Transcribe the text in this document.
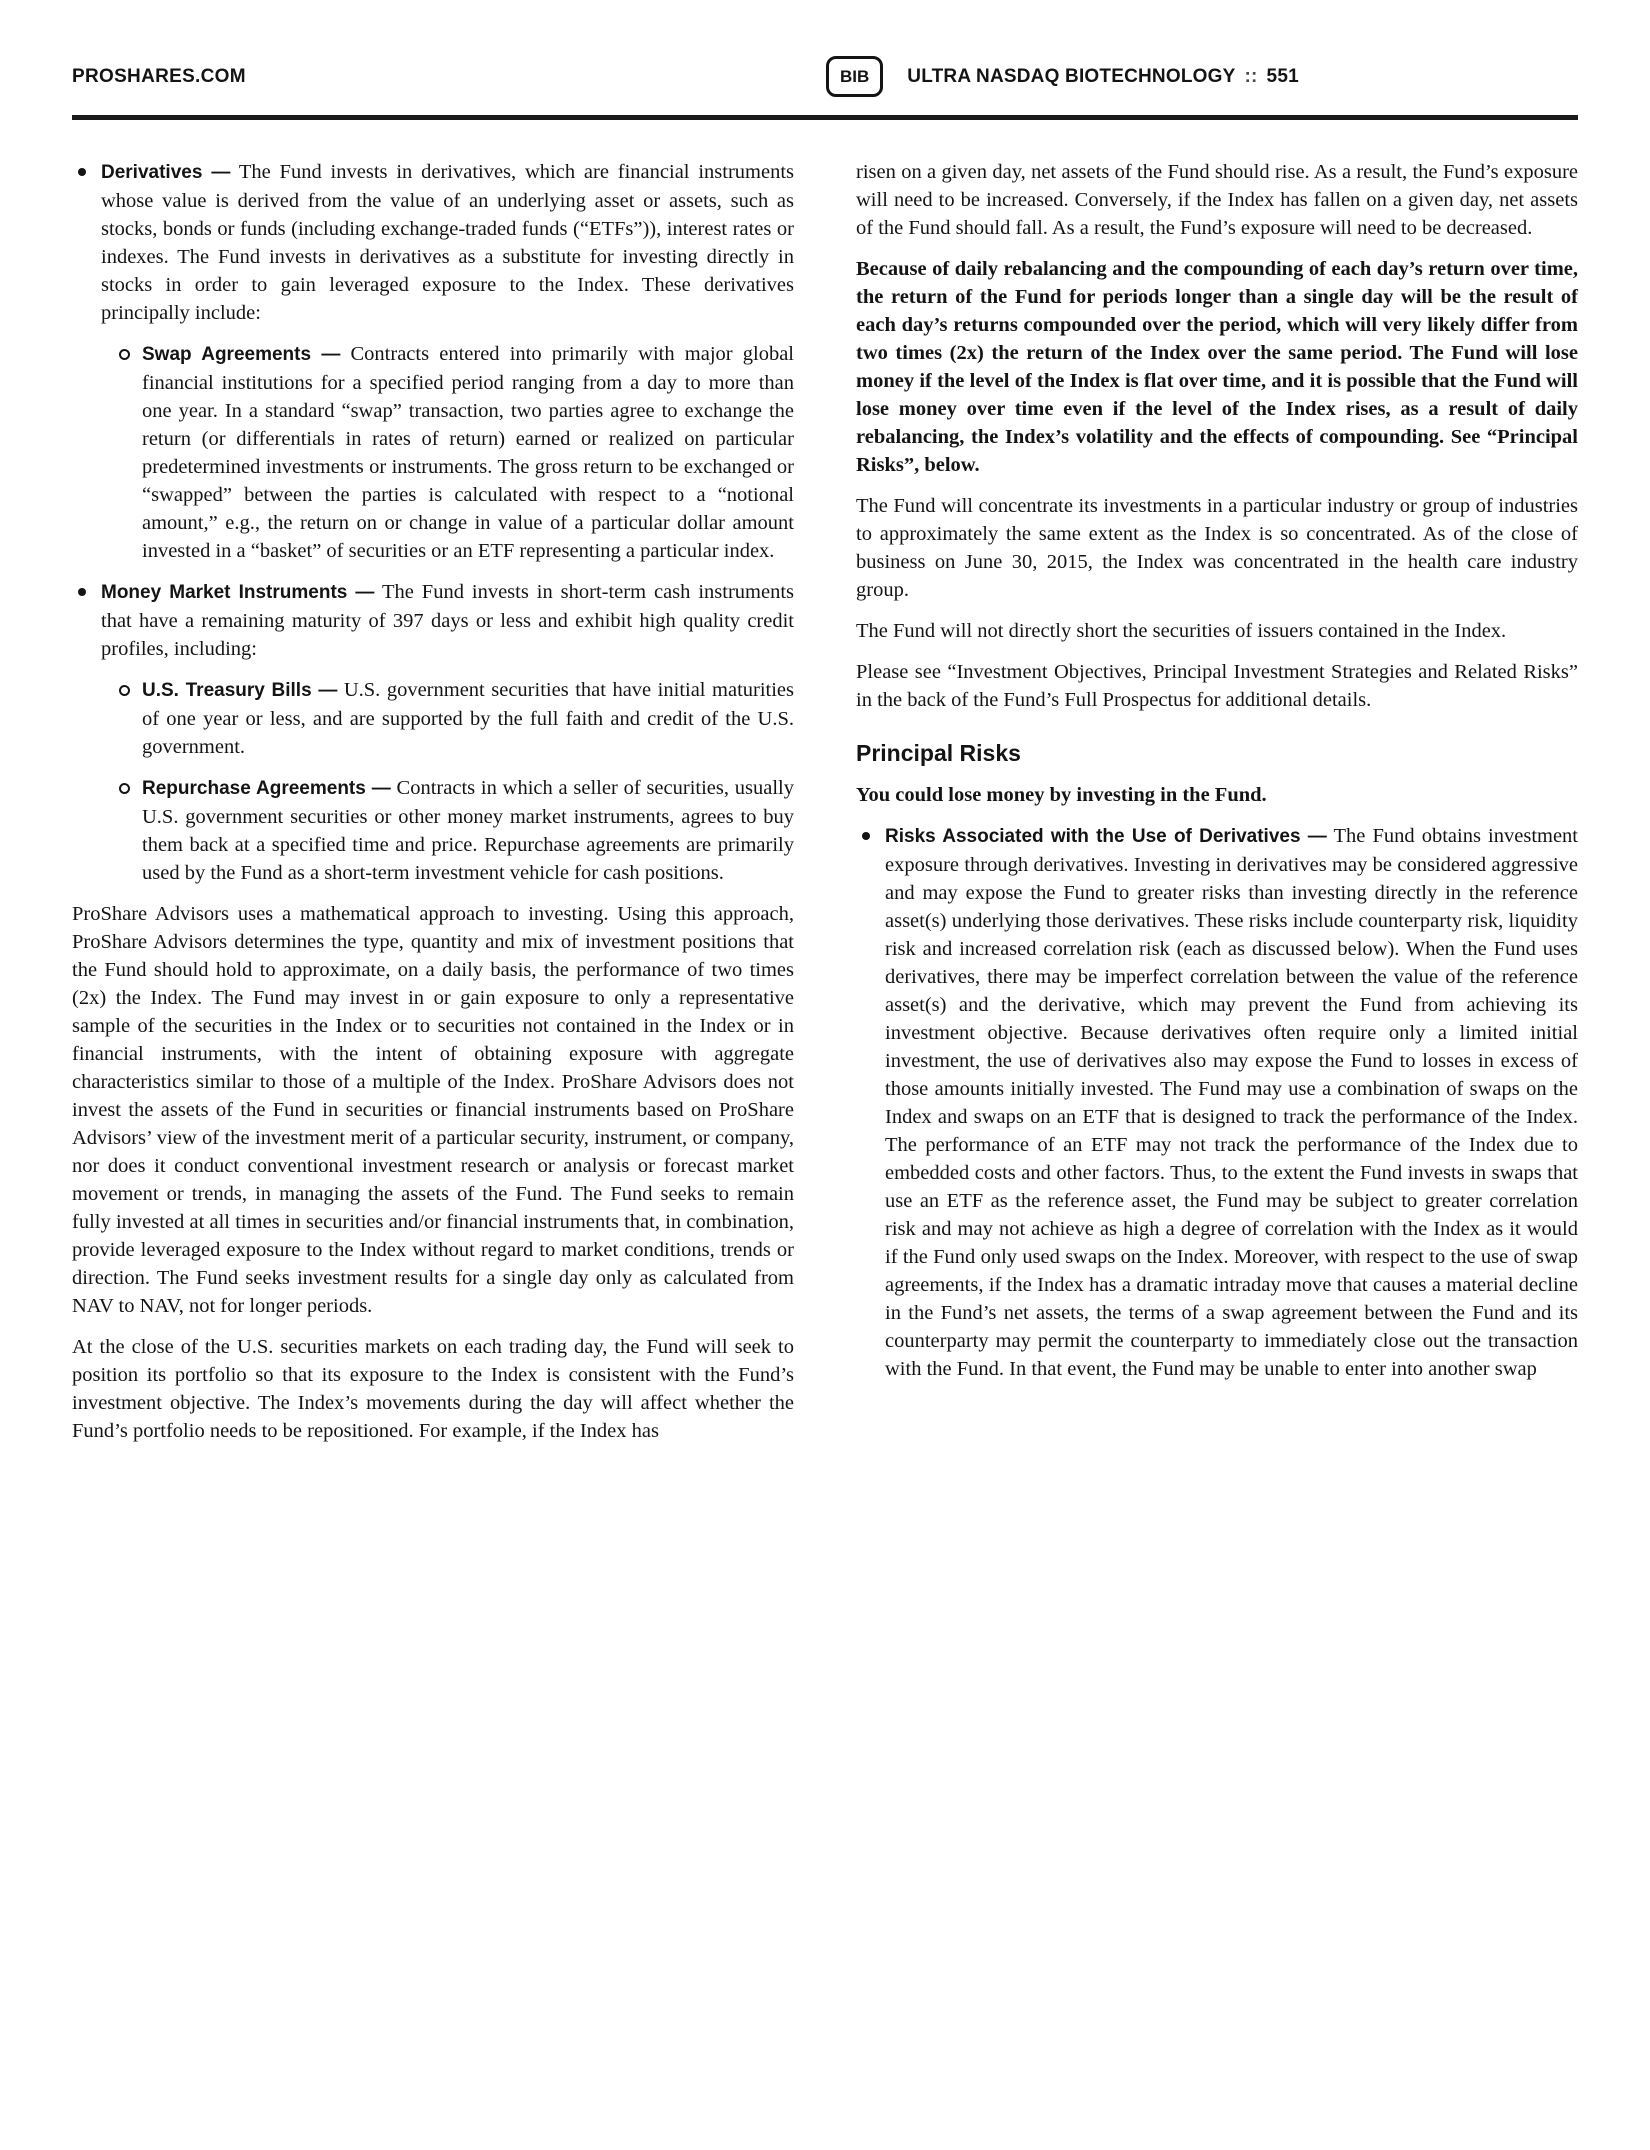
PROSHARES.COM	BIB	ULTRA NASDAQ BIOTECHNOLOGY :: 551

Derivatives — The Fund invests in derivatives, which are financial instruments whose value is derived from the value of an underlying asset or assets, such as stocks, bonds or funds (including exchange-traded funds (“ETFs”)), interest rates or indexes. The Fund invests in derivatives as a substitute for investing directly in stocks in order to gain leveraged exposure to the Index. These derivatives principally include:

Swap Agreements — Contracts entered into primarily with major global financial institutions for a specified period ranging from a day to more than one year. In a standard “swap” transaction, two parties agree to exchange the return (or differentials in rates of return) earned or realized on particular predetermined investments or instruments. The gross return to be exchanged or “swapped” between the parties is calculated with respect to a “notional amount,” e.g., the return on or change in value of a particular dollar amount invested in a “basket” of securities or an ETF representing a particular index.

Money Market Instruments — The Fund invests in short-term cash instruments that have a remaining maturity of 397 days or less and exhibit high quality credit profiles, including:

U.S. Treasury Bills — U.S. government securities that have initial maturities of one year or less, and are supported by the full faith and credit of the U.S. government.

Repurchase Agreements — Contracts in which a seller of securities, usually U.S. government securities or other money market instruments, agrees to buy them back at a specified time and price. Repurchase agreements are primarily used by the Fund as a short-term investment vehicle for cash positions.

ProShare Advisors uses a mathematical approach to investing. Using this approach, ProShare Advisors determines the type, quantity and mix of investment positions that the Fund should hold to approximate, on a daily basis, the performance of two times (2x) the Index. The Fund may invest in or gain exposure to only a representative sample of the securities in the Index or to securities not contained in the Index or in financial instruments, with the intent of obtaining exposure with aggregate characteristics similar to those of a multiple of the Index. ProShare Advisors does not invest the assets of the Fund in securities or financial instruments based on ProShare Advisors’ view of the investment merit of a particular security, instrument, or company, nor does it conduct conventional investment research or analysis or forecast market movement or trends, in managing the assets of the Fund. The Fund seeks to remain fully invested at all times in securities and/or financial instruments that, in combination, provide leveraged exposure to the Index without regard to market conditions, trends or direction. The Fund seeks investment results for a single day only as calculated from NAV to NAV, not for longer periods.

At the close of the U.S. securities markets on each trading day, the Fund will seek to position its portfolio so that its exposure to the Index is consistent with the Fund’s investment objective. The Index’s movements during the day will affect whether the Fund’s portfolio needs to be repositioned. For example, if the Index has

risen on a given day, net assets of the Fund should rise. As a result, the Fund’s exposure will need to be increased. Conversely, if the Index has fallen on a given day, net assets of the Fund should fall. As a result, the Fund’s exposure will need to be decreased.

Because of daily rebalancing and the compounding of each day’s return over time, the return of the Fund for periods longer than a single day will be the result of each day’s returns compounded over the period, which will very likely differ from two times (2x) the return of the Index over the same period. The Fund will lose money if the level of the Index is flat over time, and it is possible that the Fund will lose money over time even if the level of the Index rises, as a result of daily rebalancing, the Index’s volatility and the effects of compounding. See “Principal Risks”, below.

The Fund will concentrate its investments in a particular industry or group of industries to approximately the same extent as the Index is so concentrated. As of the close of business on June 30, 2015, the Index was concentrated in the health care industry group.

The Fund will not directly short the securities of issuers contained in the Index.

Please see “Investment Objectives, Principal Investment Strategies and Related Risks” in the back of the Fund’s Full Prospectus for additional details.

Principal Risks

You could lose money by investing in the Fund.

Risks Associated with the Use of Derivatives — The Fund obtains investment exposure through derivatives. Investing in derivatives may be considered aggressive and may expose the Fund to greater risks than investing directly in the reference asset(s) underlying those derivatives. These risks include counterparty risk, liquidity risk and increased correlation risk (each as discussed below). When the Fund uses derivatives, there may be imperfect correlation between the value of the reference asset(s) and the derivative, which may prevent the Fund from achieving its investment objective. Because derivatives often require only a limited initial investment, the use of derivatives also may expose the Fund to losses in excess of those amounts initially invested. The Fund may use a combination of swaps on the Index and swaps on an ETF that is designed to track the performance of the Index. The performance of an ETF may not track the performance of the Index due to embedded costs and other factors. Thus, to the extent the Fund invests in swaps that use an ETF as the reference asset, the Fund may be subject to greater correlation risk and may not achieve as high a degree of correlation with the Index as it would if the Fund only used swaps on the Index. Moreover, with respect to the use of swap agreements, if the Index has a dramatic intraday move that causes a material decline in the Fund’s net assets, the terms of a swap agreement between the Fund and its counterparty may permit the counterparty to immediately close out the transaction with the Fund. In that event, the Fund may be unable to enter into another swap
